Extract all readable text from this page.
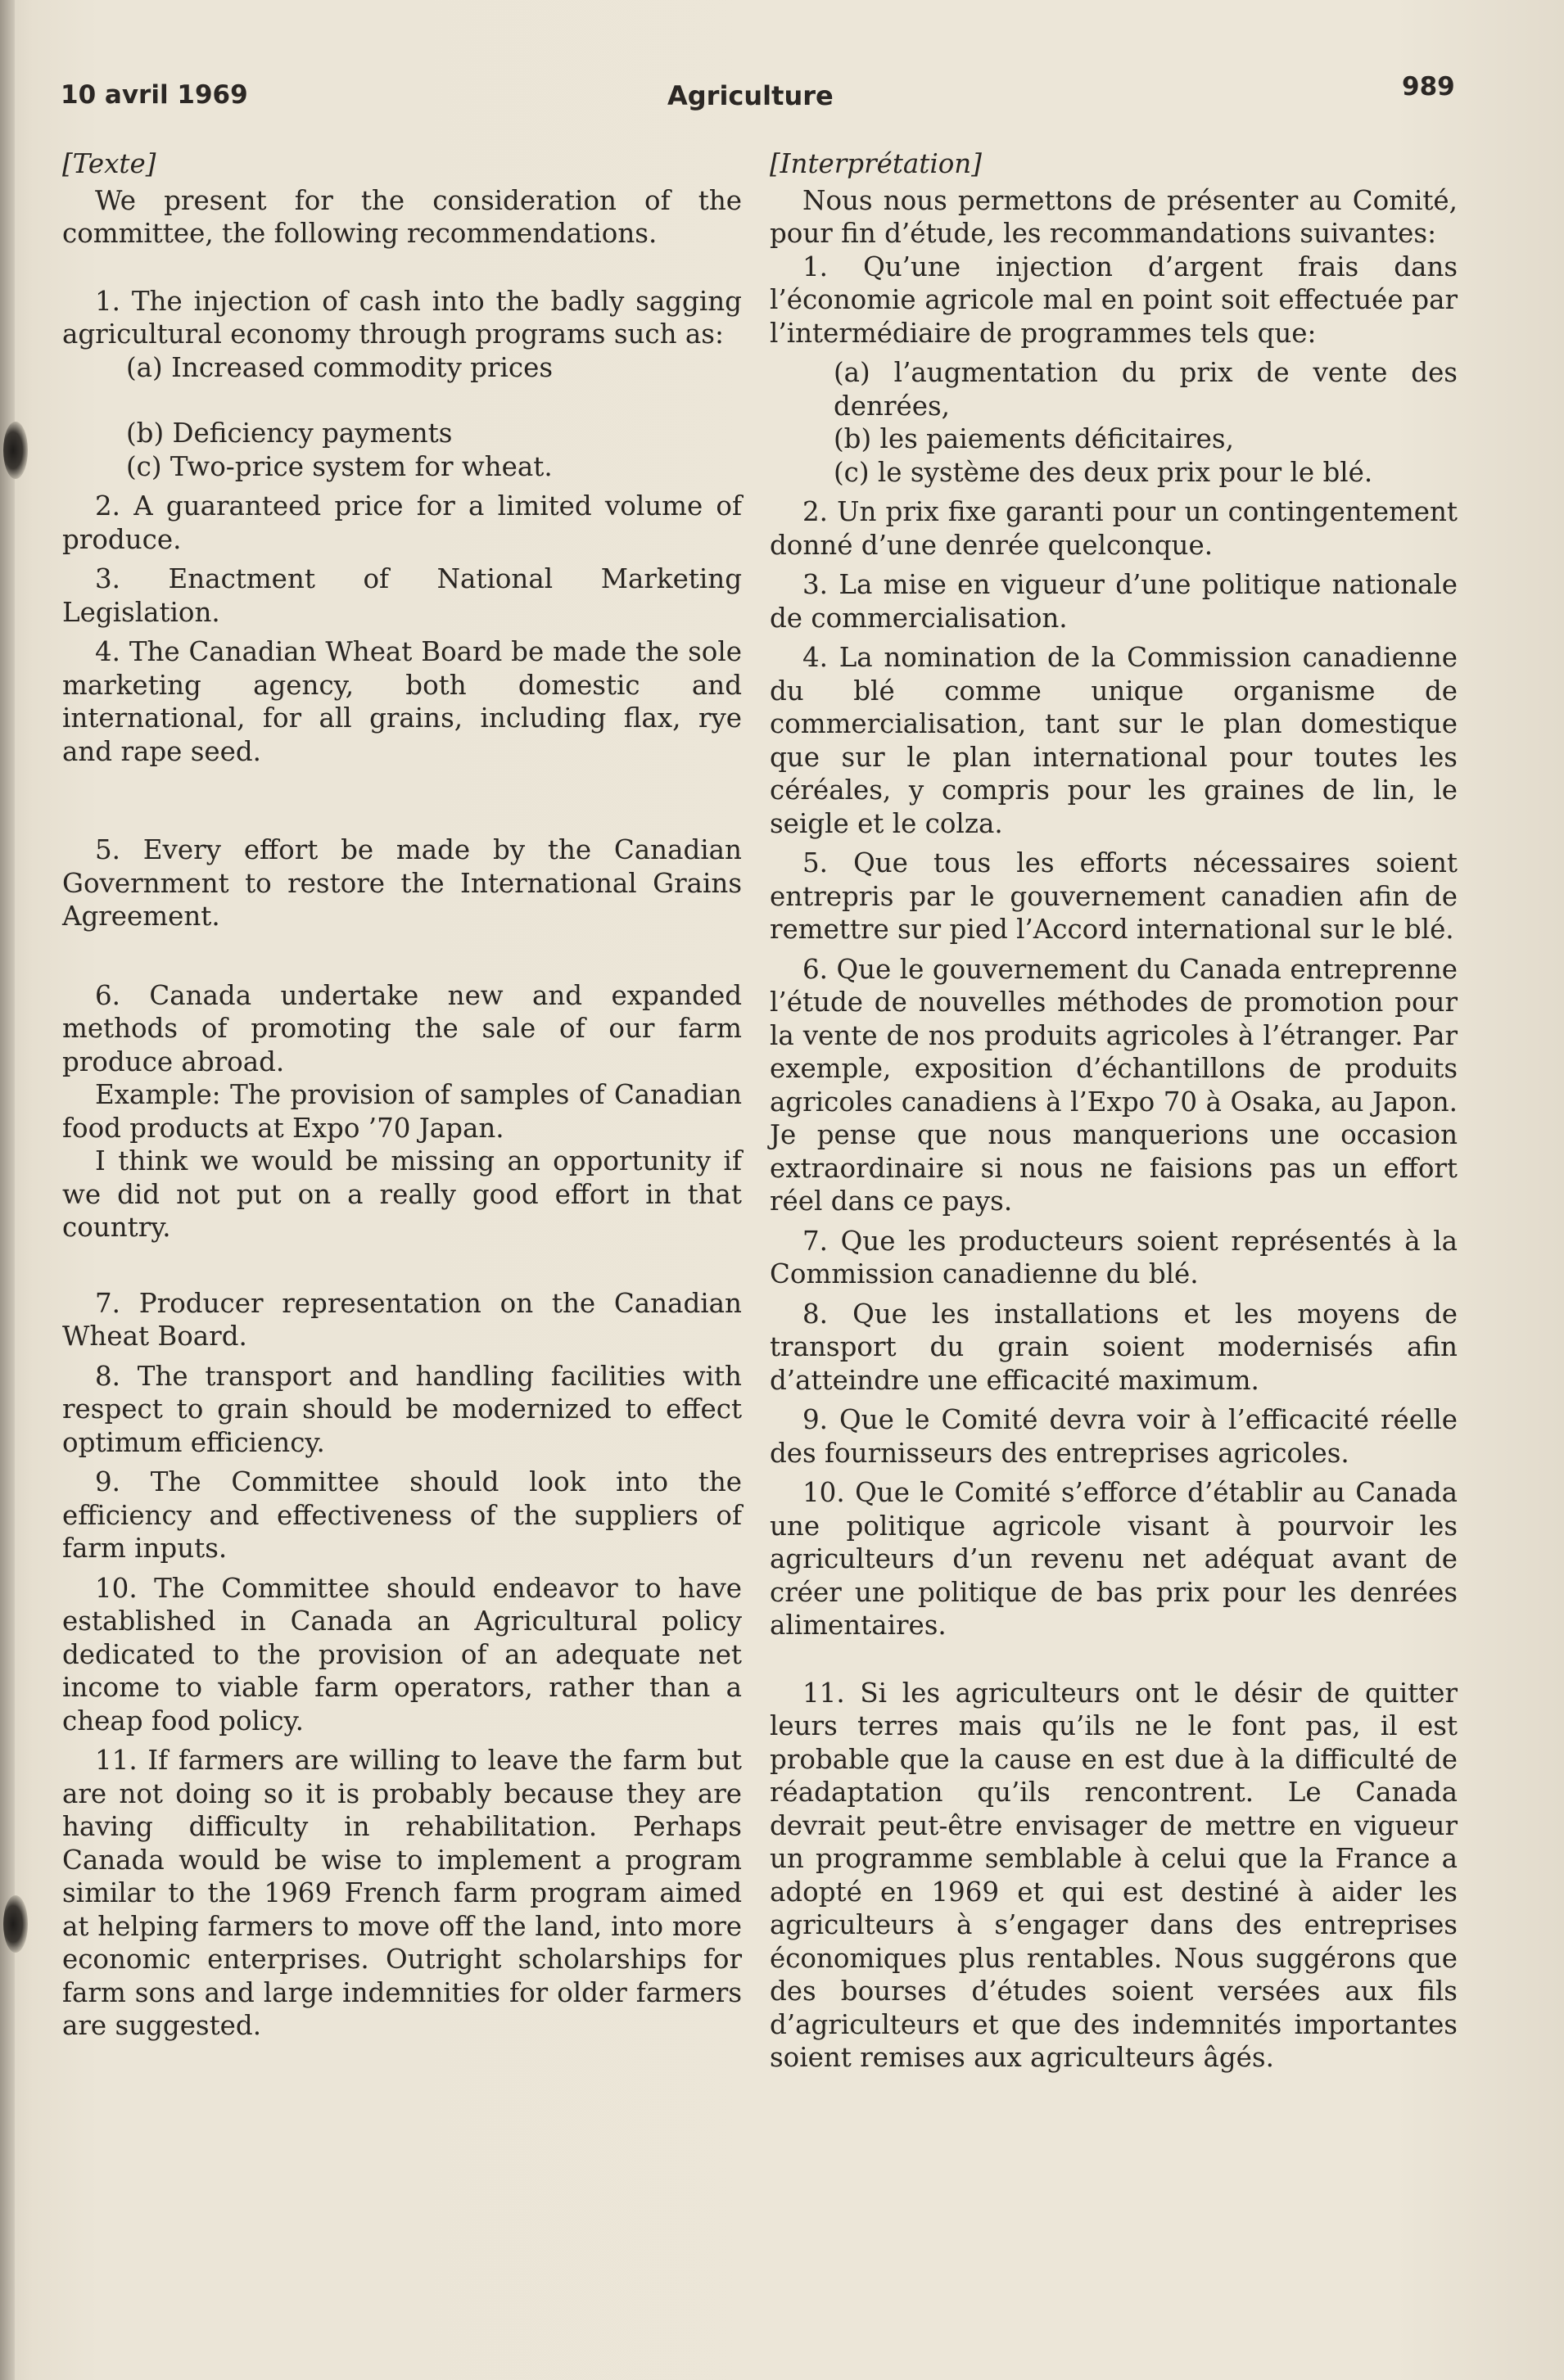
10 avril 1969	Agriculture	989

[Texte]

We present for the consideration of the committee, the following recommendations.

1. The injection of cash into the badly sagging agricultural economy through programs such as:

(a) Increased commodity prices

(b) Deficiency payments

(c) Two-price system for wheat.

2. A guaranteed price for a limited volume of produce.

3. Enactment of National Marketing Legislation.

4. The Canadian Wheat Board be made the sole marketing agency, both domestic and international, for all grains, including flax, rye and rape seed.

5. Every effort be made by the Canadian Government to restore the International Grains Agreement.

6. Canada undertake new and expanded methods of promoting the sale of our farm produce abroad.

Example: The provision of samples of Canadian food products at Expo ’70 Japan.

I think we would be missing an opportunity if we did not put on a really good effort in that country.

7. Producer representation on the Canadian Wheat Board.

8. The transport and handling facilities with respect to grain should be modernized to effect optimum efficiency.

9. The Committee should look into the efficiency and effectiveness of the suppliers of farm inputs.

10. The Committee should endeavor to have established in Canada an Agricultural policy dedicated to the provision of an adequate net income to viable farm operators, rather than a cheap food policy.

11. If farmers are willing to leave the farm but are not doing so it is probably because they are having difficulty in rehabilitation. Perhaps Canada would be wise to implement a program similar to the 1969 French farm program aimed at helping farmers to move off the land, into more economic enterprises. Outright scholarships for farm sons and large indemnities for older farmers are suggested.

[Interprétation]

Nous nous permettons de présenter au Comité, pour fin d’étude, les recommandations suivantes:

1. Qu’une injection d’argent frais dans l’économie agricole mal en point soit effectuée par l’intermédiaire de programmes tels que:

(a) l’augmentation du prix de vente des denrées,

(b) les paiements déficitaires,

(c) le système des deux prix pour le blé.

2. Un prix fixe garanti pour un contingentement donné d’une denrée quelconque.

3. La mise en vigueur d’une politique nationale de commercialisation.

4. La nomination de la Commission canadienne du blé comme unique organisme de commercialisation, tant sur le plan domestique que sur le plan international pour toutes les céréales, y compris pour les graines de lin, le seigle et le colza.

5. Que tous les efforts nécessaires soient entrepris par le gouvernement canadien afin de remettre sur pied l’Accord international sur le blé.

6. Que le gouvernement du Canada entreprenne l’étude de nouvelles méthodes de promotion pour la vente de nos produits agricoles à l’étranger. Par exemple, exposition d’échantillons de produits agricoles canadiens à l’Expo 70 à Osaka, au Japon. Je pense que nous manquerions une occasion extraordinaire si nous ne faisions pas un effort réel dans ce pays.

7. Que les producteurs soient représentés à la Commission canadienne du blé.

8. Que les installations et les moyens de transport du grain soient modernisés afin d’atteindre une efficacité maximum.

9. Que le Comité devra voir à l’efficacité réelle des fournisseurs des entreprises agricoles.

10. Que le Comité s’efforce d’établir au Canada une politique agricole visant à pourvoir les agriculteurs d’un revenu net adéquat avant de créer une politique de bas prix pour les denrées alimentaires.

11. Si les agriculteurs ont le désir de quitter leurs terres mais qu’ils ne le font pas, il est probable que la cause en est due à la difficulté de réadaptation qu’ils rencontrent. Le Canada devrait peut-être envisager de mettre en vigueur un programme semblable à celui que la France a adopté en 1969 et qui est destiné à aider les agriculteurs à s’engager dans des entreprises économiques plus rentables. Nous suggérons que des bourses d’études soient versées aux fils d’agriculteurs et que des indemnités importantes soient remises aux agriculteurs âgés.
